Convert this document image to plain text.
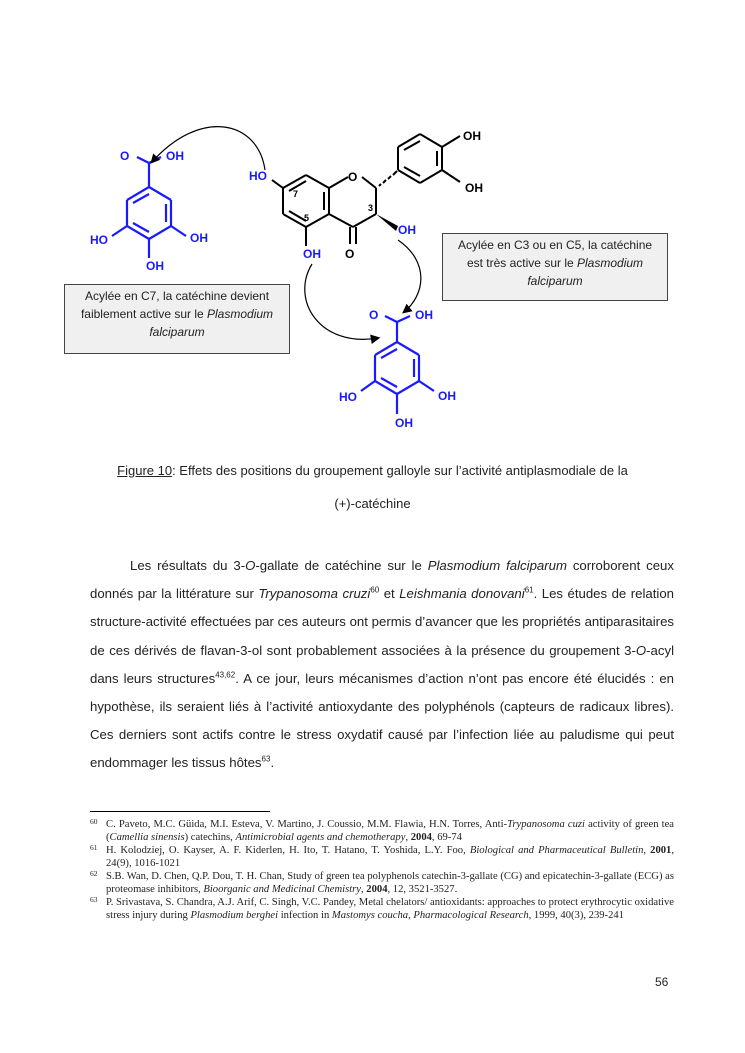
O	OH
HO	OH
OH
HO	O
O
OH
OH
OH
OH
7
5
3
O	OH
HO	OH
OH
Acylée en C3 ou en C5, la catéchine
est très active sur le Plasmodium
falciparum
Acylée en C7, la catéchine devient
faiblement active sur le Plasmodium
falciparum
Figure 10: Effets des positions du groupement galloyle sur l’activité antiplasmodiale de la
(+)-catéchine

Les résultats du 3-O-gallate de catéchine sur le Plasmodium falciparum corroborent ceux donnés par la littérature sur Trypanosoma cruzi$^{60}$ et Leishmania donovani$^{61}$. Les études de relation structure-activité effectuées par ces auteurs ont permis d’avancer que les propriétés antiparasitaires de ces dérivés de flavan-3-ol sont probablement associées à la présence du groupement 3-O-acyl dans leurs structures$^{43,62}$. A ce jour, leurs mécanismes d’action n’ont pas encore été élucidés : en hypothèse, ils seraient liés à l’activité antioxydante des polyphénols (capteurs de radicaux libres). Ces derniers sont actifs contre le stress oxydatif causé par l’infection liée au paludisme qui peut endommager les tissus hôtes$^{63}$.

60 C. Paveto, M.C. Güida, M.I. Esteva, V. Martino, J. Coussio, M.M. Flawia, H.N. Torres, Anti-Trypanosoma cuzi activity of green tea (Camellia sinensis) catechins, Antimicrobial agents and chemotherapy, 2004, 69-74
61 H. Kolodziej, O. Kayser, A. F. Kiderlen, H. Ito, T. Hatano, T. Yoshida, L.Y. Foo, Biological and Pharmaceutical Bulletin, 2001, 24(9), 1016-1021
62 S.B. Wan, D. Chen, Q.P. Dou, T. H. Chan, Study of green tea polyphenols catechin-3-gallate (CG) and epicatechin-3-gallate (ECG) as proteomase inhibitors, Bioorganic and Medicinal Chemistry, 2004, 12, 3521-3527.
63 P. Srivastava, S. Chandra, A.J. Arif, C. Singh, V.C. Pandey, Metal chelators/ antioxidants: approaches to protect erythrocytic oxidative stress injury during Plasmodium berghei infection in Mastomys coucha, Pharmacological Research, 1999, 40(3), 239-241
56
